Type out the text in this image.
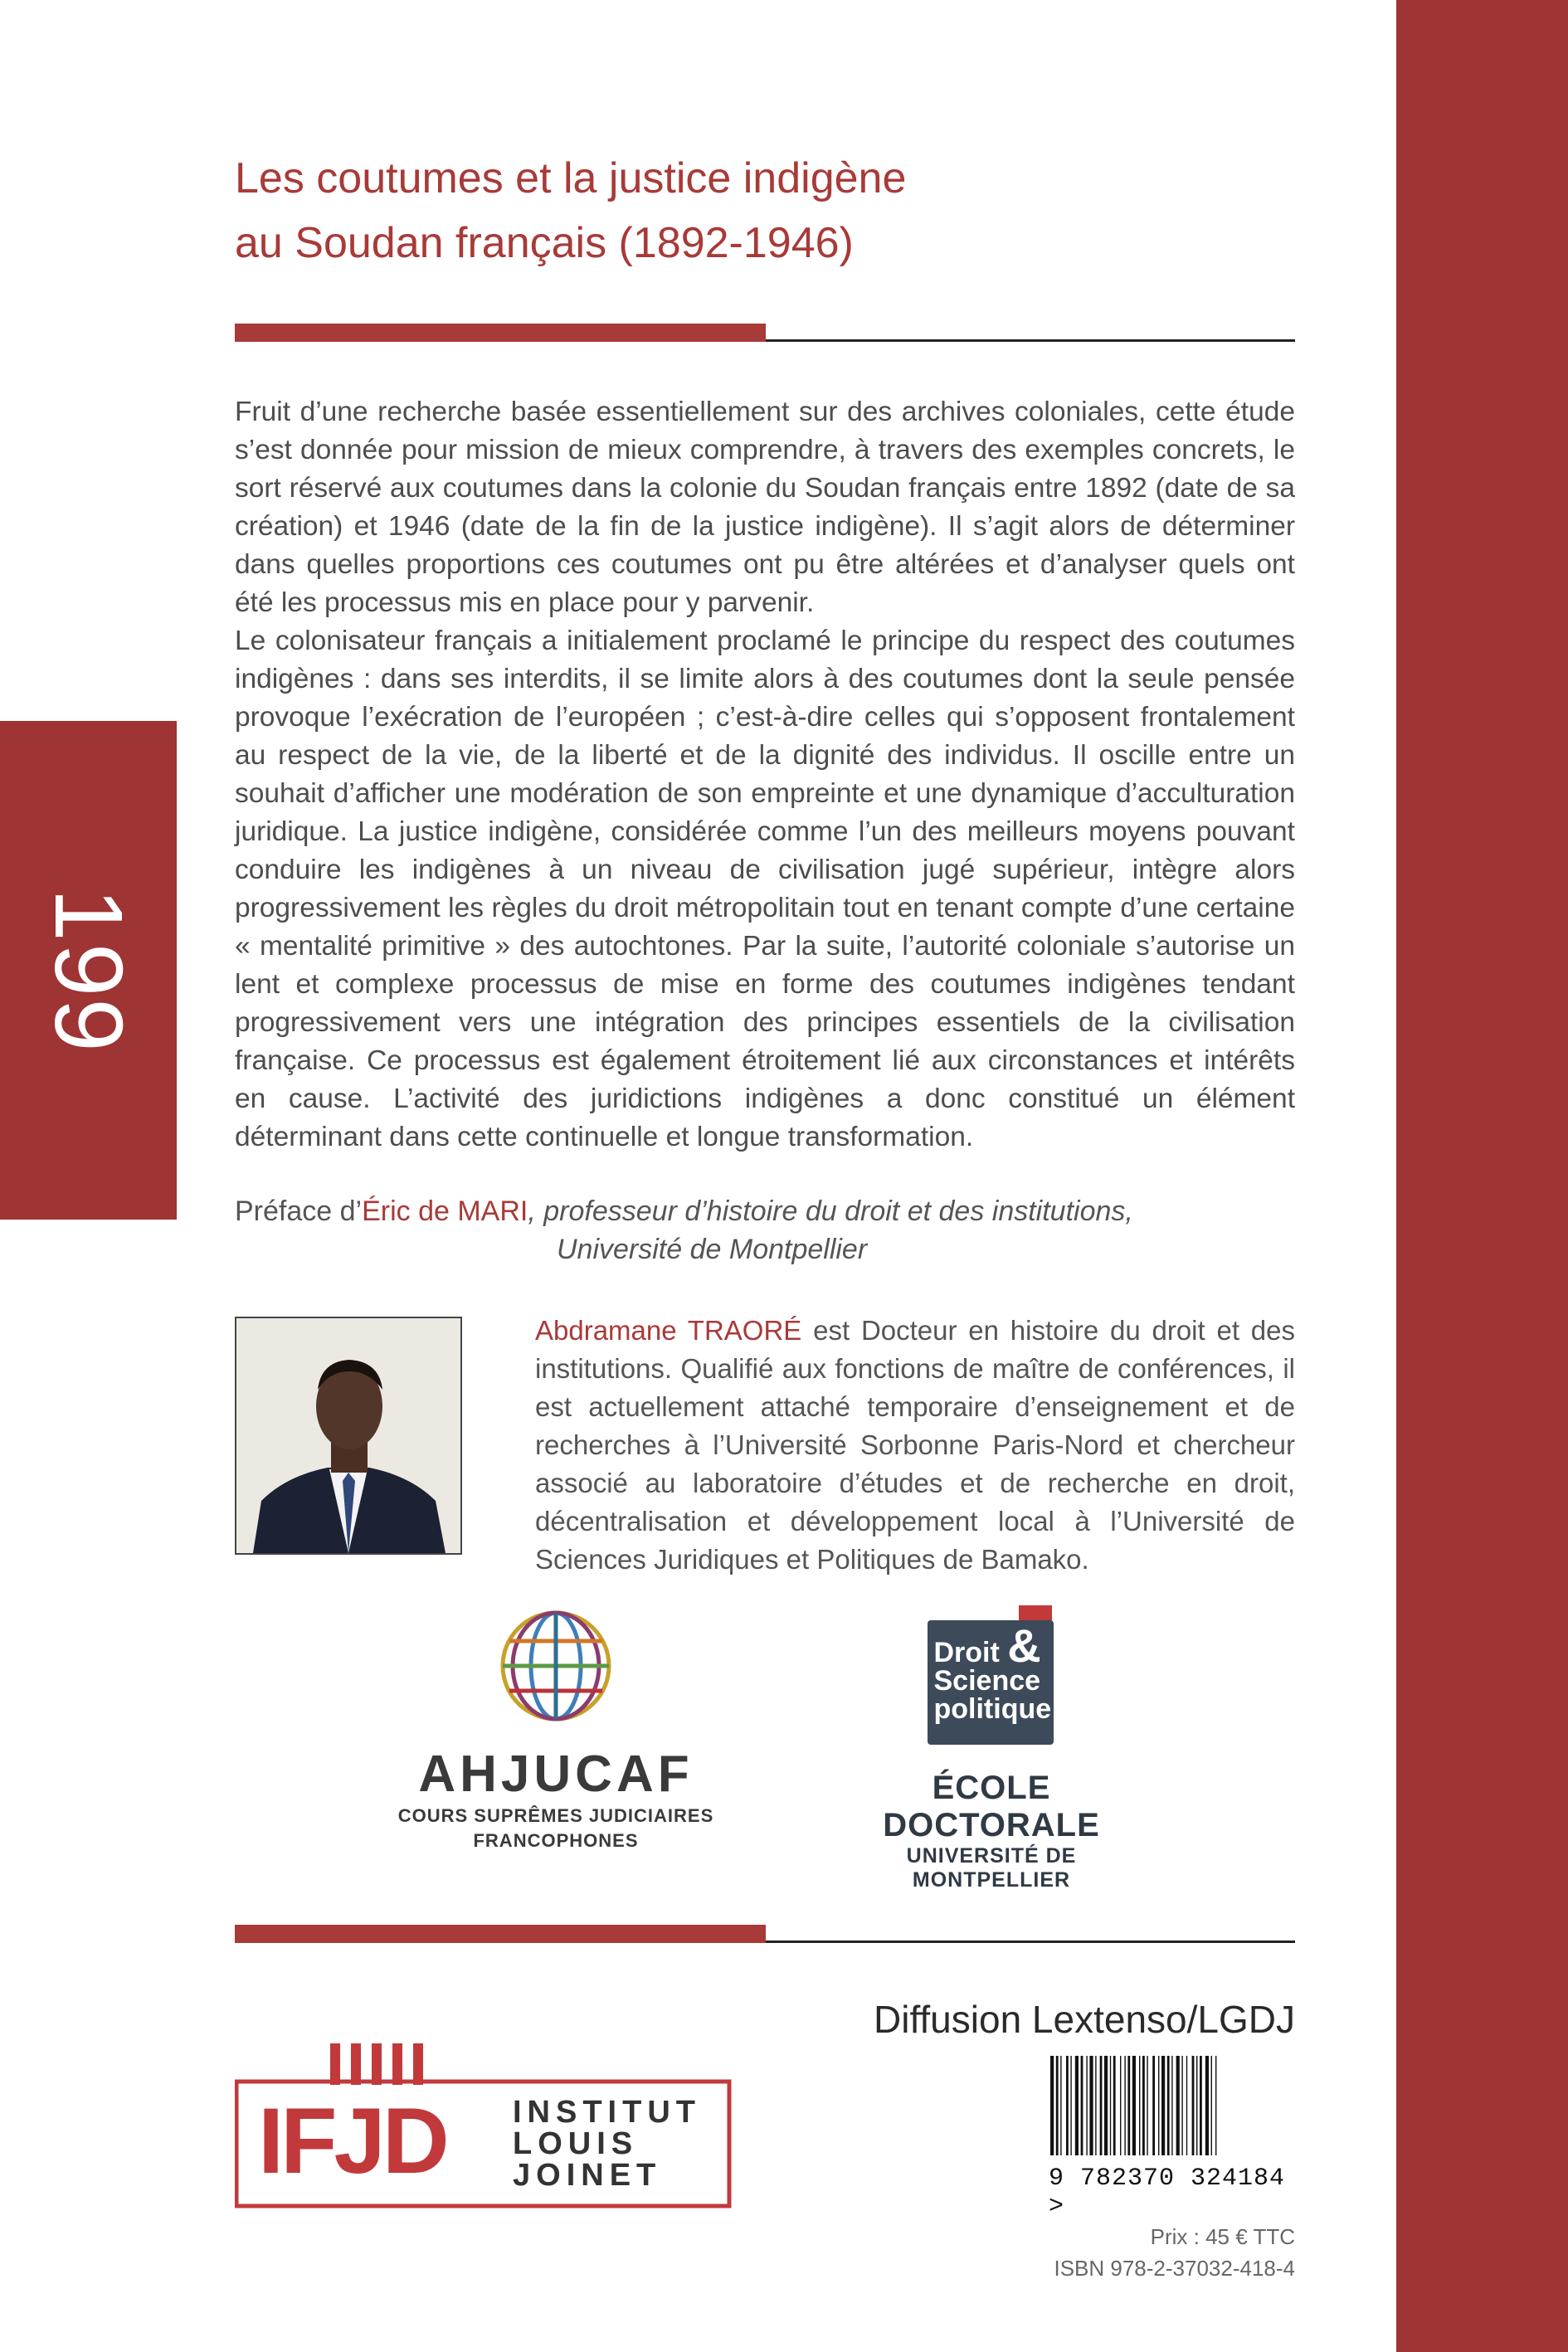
199
Les coutumes et la justice indigène
au Soudan français (1892-1946)

Fruit d’une recherche basée essentiellement sur des archives coloniales, cette étude s’est donnée pour mission de mieux comprendre, à travers des exemples concrets, le sort réservé aux coutumes dans la colonie du Soudan français entre 1892 (date de sa création) et 1946 (date de la fin de la justice indigène). Il s’agit alors de déterminer dans quelles proportions ces coutumes ont pu être altérées et d’analyser quels ont été les processus mis en place pour y parvenir.

Le colonisateur français a initialement proclamé le principe du respect des coutumes indigènes : dans ses interdits, il se limite alors à des coutumes dont la seule pensée provoque l’exécration de l’européen ; c’est-à-dire celles qui s’opposent frontalement au respect de la vie, de la liberté et de la dignité des individus. Il oscille entre un souhait d’afficher une modération de son empreinte et une dynamique d’acculturation juridique. La justice indigène, considérée comme l’un des meilleurs moyens pouvant conduire les indigènes à un niveau de civilisation jugé supérieur, intègre alors progressivement les règles du droit métropolitain tout en tenant compte d’une certaine « mentalité primitive » des autochtones. Par la suite, l’autorité coloniale s’autorise un lent et complexe processus de mise en forme des coutumes indigènes tendant progressivement vers une intégration des principes essentiels de la civilisation française. Ce processus est également étroitement lié aux circonstances et intérêts en cause. L’activité des juridictions indigènes a donc constitué un élément déterminant dans cette continuelle et longue transformation.

Préface d’Éric de MARI, professeur d’histoire du droit et des institutions,
Université de Montpellier
Abdramane TRAORÉ est Docteur en histoire du droit et des institutions. Qualifié aux fonctions de maître de conférences, il est actuellement attaché temporaire d’enseignement et de recherches à l’Université Sorbonne Paris-Nord et chercheur associé au laboratoire d’études et de recherche en droit, décentralisation et développement local à l’Université de Sciences Juridiques et Politiques de Bamako.
AHJUCAF
COURS SUPRÊMES JUDICIAIRES
FRANCOPHONES
Droit &
Science
politique
ÉCOLE DOCTORALE
UNIVERSITÉ DE MONTPELLIER
Diffusion Lextenso/LGDJ
IFJD INSTITUT
LOUIS
JOINET	9 782370 324184 >
Prix : 45 € TTC
ISBN 978-2-37032-418-4
